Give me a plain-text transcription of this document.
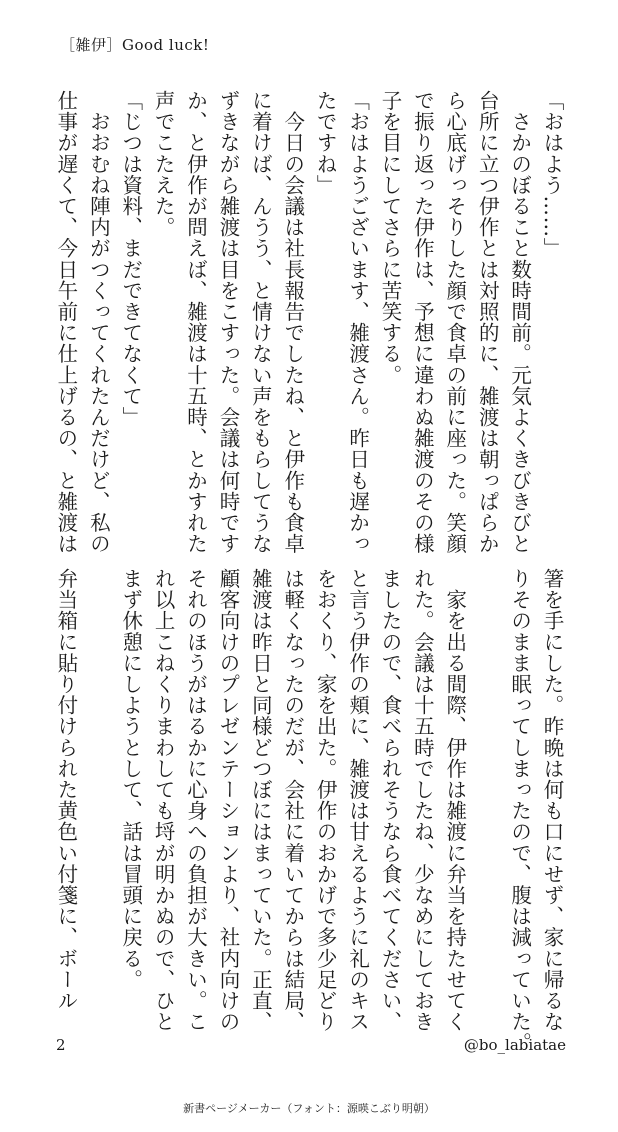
［雑伊］Good luck!
「おはよう……」
　さかのぼること数時間前。元気よくきびきびと
台所に立つ伊作とは対照的に、雑渡は朝っぱらか
ら心底げっそりした顔で食卓の前に座った。笑顔
で振り返った伊作は、予想に違わぬ雑渡のその様
子を目にしてさらに苦笑する。
「おはようございます、雑渡さん。昨日も遅かっ
たですね」
　今日の会議は社長報告でしたね、と伊作も食卓
に着けば、んうう、と情けない声をもらしてうな
ずきながら雑渡は目をこすった。会議は何時です
か、と伊作が問えば、雑渡は十五時、とかすれた
声でこたえた。
「じつは資料、まだできてなくて」
　おおむね陣内がつくってくれたんだけど、私の
仕事が遅くて、今日午前に仕上げるの、と雑渡は
箸を手にした。昨晩は何も口にせず、家に帰るな
りそのまま眠ってしまったので、腹は減っていた。

　家を出る間際、伊作は雑渡に弁当を持たせてく
れた。会議は十五時でしたね、少なめにしておき
ましたので、食べられそうなら食べてください、
と言う伊作の頬に、雑渡は甘えるように礼のキス
をおくり、家を出た。伊作のおかげで多少足どり
は軽くなったのだが、会社に着いてからは結局、
雑渡は昨日と同様どつぼにはまっていた。正直、
顧客向けのプレゼンテーションより、社内向けの
それのほうがはるかに心身への負担が大きい。こ
れ以上こねくりまわしても埒が明かぬので、ひと
まず休憩にしようとして、話は冒頭に戻る。

弁当箱に貼り付けられた黄色い付箋に、ボール
2	@bo_labiatae
新書ページメーカー（フォント：源暎こぶり明朝）
